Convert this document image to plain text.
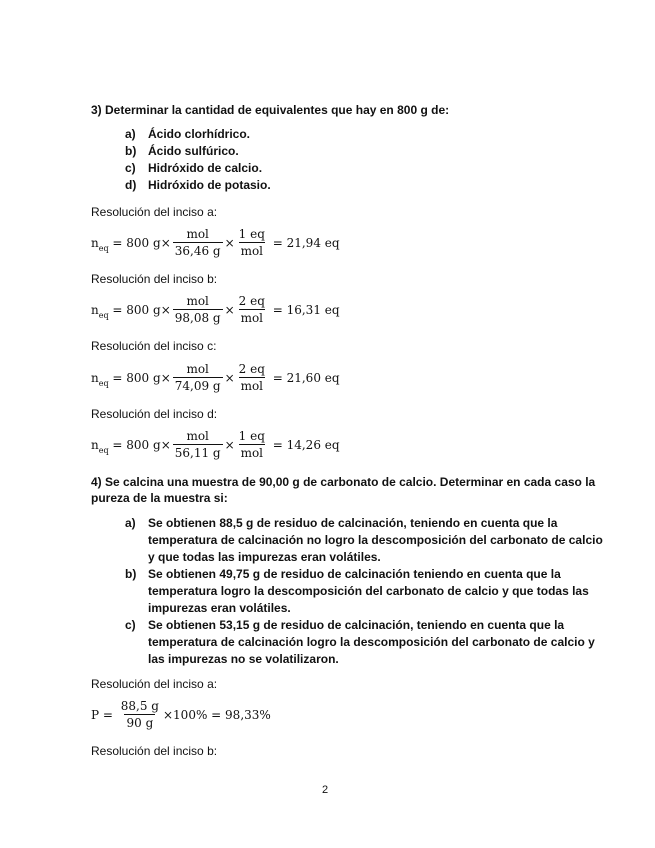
3) Determinar la cantidad de equivalentes que hay en 800 g de:
a)	Ácido clorhídrico.
b) Ácido sulfúrico.
c)	Hidróxido de calcio.
d) Hidróxido de potasio.
Resolución del inciso a:
$n_{eq} = 800$ $g \times \frac{\text{mol}}{36,46 g} \times \frac{1 eq}{\text{mol}} = 21,94$ eq
Resolución del inciso b:
$n_{eq} = 800$ $g \times \frac{\text{mol}}{98,08 g} \times \frac{2 eq}{\text{mol}} = 16,31$ eq
Resolución del inciso c:
$n_{eq} = 800$ $g \times \frac{\text{mol}}{74,09 g} \times \frac{2 eq}{\text{mol}} = 21,60$ eq
Resolución del inciso d:
$n_{eq} = 800$ $g \times \frac{\text{mol}}{56,11 g} \times \frac{1 eq}{\text{mol}} = 14,26$ eq
4) Se calcina una muestra de 90,00 g de carbonato de calcio. Determinar en cada caso la
pureza de la muestra si:
a)	Se obtienen 88,5 g de residuo de calcinación, teniendo en cuenta que la
temperatura de calcinación no logro la descomposición del carbonato de calcio
y que todas las impurezas eran volátiles.
b) Se obtienen 49,75 g de residuo de calcinación teniendo en cuenta que la
temperatura logro la descomposición del carbonato de calcio y que todas las
impurezas eran volátiles.
c)	Se obtienen 53,15 g de residuo de calcinación, teniendo en cuenta que la
temperatura de calcinación logro la descomposición del carbonato de calcio y
las impurezas no se volatilizaron.
Resolución del inciso a:
$P = \frac{88,5 g}{90 g} \times 100\% = 98,33\%$
Resolución del inciso b:
2
